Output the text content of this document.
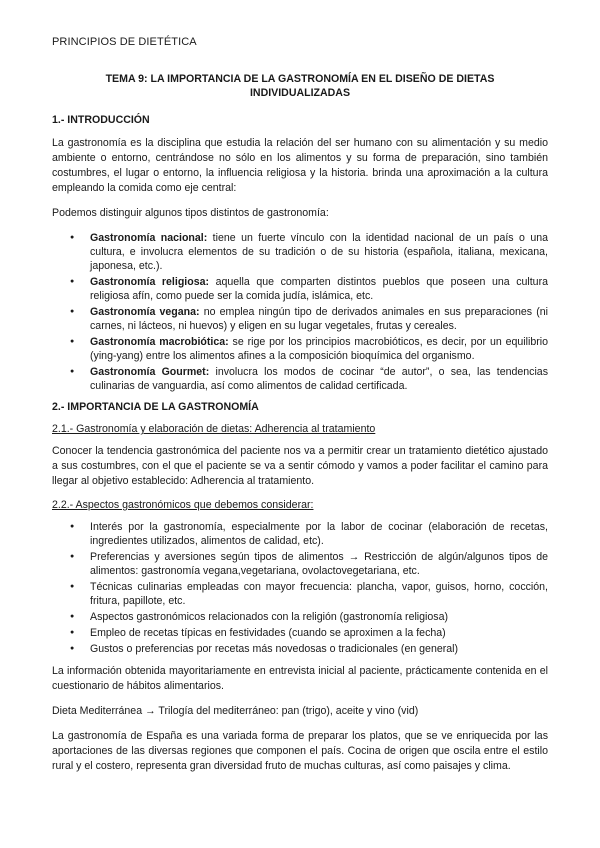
PRINCIPIOS DE DIETÉTICA
TEMA 9: LA IMPORTANCIA DE LA GASTRONOMÍA EN EL DISEÑO DE DIETAS
INDIVIDUALIZADAS
1.- INTRODUCCIÓN

La gastronomía es la disciplina que estudia la relación del ser humano con su alimentación y su medio ambiente o entorno, centrándose no sólo en los alimentos y su forma de preparación, sino también costumbres, el lugar o entorno, la influencia religiosa y la historia. brinda una aproximación a la cultura empleando la comida como eje central:

Podemos distinguir algunos tipos distintos de gastronomía:

● Gastronomía nacional: tiene un fuerte vínculo con la identidad nacional de un país o una cultura, e involucra elementos de su tradición o de su historia (española, italiana, mexicana, japonesa, etc.).
● Gastronomía religiosa: aquella que comparten distintos pueblos que poseen una cultura religiosa afín, como puede ser la comida judía, islámica, etc.
● Gastronomía vegana: no emplea ningún tipo de derivados animales en sus preparaciones (ni carnes, ni lácteos, ni huevos) y eligen en su lugar vegetales, frutas y cereales.
● Gastronomía macrobiótica: se rige por los principios macrobióticos, es decir, por un equilibrio (ying-yang) entre los alimentos afines a la composición bioquímica del organismo.
● Gastronomía Gourmet: involucra los modos de cocinar “de autor”, o sea, las tendencias culinarias de vanguardia, así como alimentos de calidad certificada.
2.- IMPORTANCIA DE LA GASTRONOMÍA
2.1.- Gastronomía y elaboración de dietas: Adherencia al tratamiento

Conocer la tendencia gastronómica del paciente nos va a permitir crear un tratamiento dietético ajustado a sus costumbres, con el que el paciente se va a sentir cómodo y vamos a poder facilitar el camino para llegar al objetivo establecido: Adherencia al tratamiento.

2.2.- Aspectos gastronómicos que debemos considerar:
● Interés por la gastronomía, especialmente por la labor de cocinar (elaboración de recetas, ingredientes utilizados, alimentos de calidad, etc).
● Preferencias y aversiones según tipos de alimentos → Restricción de algún/algunos tipos de alimentos: gastronomía vegana,vegetariana, ovolactovegetariana, etc.
● Técnicas culinarias empleadas con mayor frecuencia: plancha, vapor, guisos, horno, cocción, fritura, papillote, etc.
● Aspectos gastronómicos relacionados con la religión (gastronomía religiosa)
● Empleo de recetas típicas en festividades (cuando se aproximen a la fecha)
● Gustos o preferencias por recetas más novedosas o tradicionales (en general)

La información obtenida mayoritariamente en entrevista inicial al paciente, prácticamente contenida en el cuestionario de hábitos alimentarios.

Dieta Mediterránea → Trilogía del mediterráneo: pan (trigo), aceite y vino (vid)

La gastronomía de España es una variada forma de preparar los platos, que se ve enriquecida por las aportaciones de las diversas regiones que componen el país. Cocina de origen que oscila entre el estilo rural y el costero, representa gran diversidad fruto de muchas culturas, así como paisajes y clima.
